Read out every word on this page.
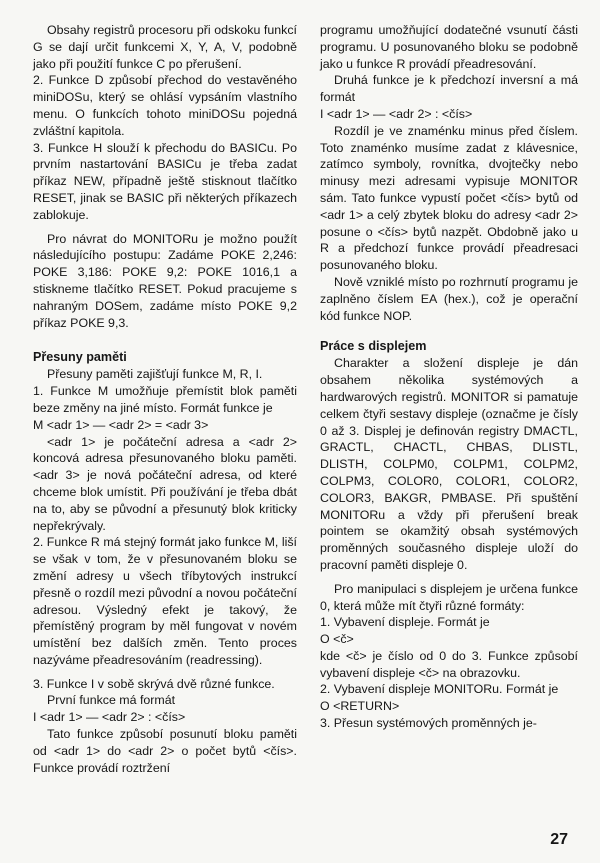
Obsahy registrů procesoru při odskoku funkcí G se dají určit funkcemi X, Y, A, V, podobně jako při použití funkce C po přerušení.

2. Funkce D způsobí přechod do vestavěného miniDOSu, který se ohlásí vypsáním vlastního menu. O funkcích tohoto miniDOSu pojedná zvláštní kapitola.

3. Funkce H slouží k přechodu do BASICu. Po prvním nastartování BASICu je třeba zadat příkaz NEW, případně ještě stisknout tlačítko RESET, jinak se BASIC při některých příkazech zablokuje.

Pro návrat do MONITORu je možno použít následujícího postupu: Zadáme POKE 2,246: POKE 3,186: POKE 9,2: POKE 1016,1 a stiskneme tlačítko RESET. Pokud pracujeme s nahraným DOSem, zadáme místo POKE 9,2 příkaz POKE 9,3.

Přesuny paměti

Přesuny paměti zajišťují funkce M, R, I.

1. Funkce M umožňuje přemístit blok paměti beze změny na jiné místo. Formát funkce je

M <adr 1> — <adr 2> = <adr 3>

<adr 1> je počáteční adresa a <adr 2> koncová adresa přesunovaného bloku paměti. <adr 3> je nová počáteční adresa, od které chceme blok umístit. Při používání je třeba dbát na to, aby se původní a přesunutý blok kriticky nepřekrývaly.

2. Funkce R má stejný formát jako funkce M, liší se však v tom, že v přesunovaném bloku se změní adresy u všech tříbytových instrukcí přesně o rozdíl mezi původní a novou počáteční adresou. Výsledný efekt je takový, že přemístěný program by měl fungovat v novém umístění bez dalších změn. Tento proces nazýváme přeadresováním (readressing).

3. Funkce I v sobě skrývá dvě různé funkce.

První funkce má formát

I <adr 1> — <adr 2> : <čís>

Tato funkce způsobí posunutí bloku paměti od <adr 1> do <adr 2> o počet bytů <čís>. Funkce provádí roztržení

programu umožňující dodatečné vsunutí části programu. U posunovaného bloku se podobně jako u funkce R provádí přeadresování.

Druhá funkce je k předchozí inversní a má formát

I <adr 1> — <adr 2> : <čís>

Rozdíl je ve znaménku minus před číslem. Toto znaménko musíme zadat z klávesnice, zatímco symboly, rovnítka, dvojtečky nebo minusy mezi adresami vypisuje MONITOR sám. Tato funkce vypustí počet <čís> bytů od <adr 1> a celý zbytek bloku do adresy <adr 2> posune o <čís> bytů nazpět. Obdobně jako u R a předchozí funkce provádí přeadresaci posunovaného bloku.

Nově vzniklé místo po rozhrnutí programu je zaplněno číslem EA (hex.), což je operační kód funkce NOP.

Práce s displejem

Charakter a složení displeje je dán obsahem několika systémových a hardwarových registrů. MONITOR si pamatuje celkem čtyři sestavy displeje (označme je čísly 0 až 3. Displej je definován registry DMACTL, GRACTL, CHACTL, CHBAS, DLISTL, DLISTH, COLPM0, COLPM1, COLPM2, COLPM3, COLOR0, COLOR1, COLOR2, COLOR3, BAKGR, PMBASE. Při spuštění MONITORu a vždy při přerušení break pointem se okamžitý obsah systémových proměnných současného displeje uloží do pracovní paměti displeje 0.

Pro manipulaci s displejem je určena funkce 0, která může mít čtyři různé formáty:

1. Vybavení displeje. Formát je

O <č>

kde <č> je číslo od 0 do 3. Funkce způsobí vybavení displeje <č> na obrazovku.

2. Vybavení displeje MONITORu. Formát je

O <RETURN>

3. Přesun systémových proměnných je-

27
